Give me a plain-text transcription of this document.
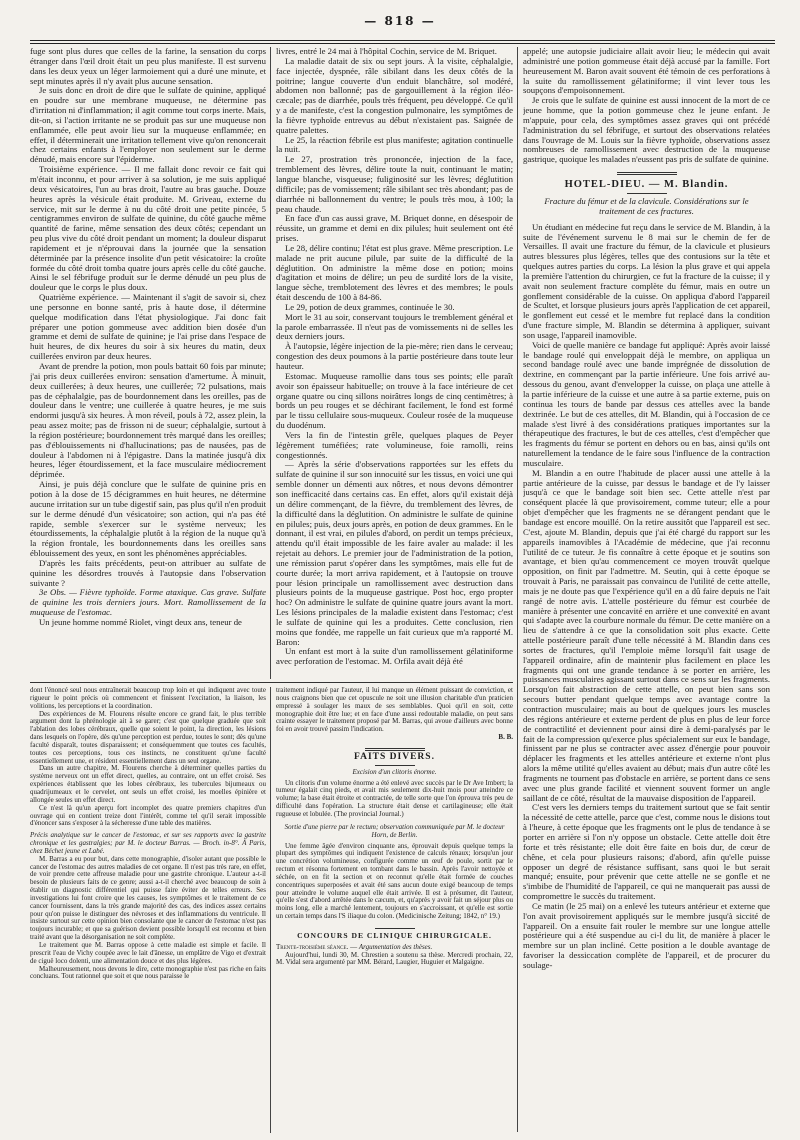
— 818 —

fuge sont plus dures que celles de la farine, la sensation du corps étranger dans l'œil droit était un peu plus manifeste. Il est survenu dans les deux yeux un léger larmoiement qui a duré une minute, et sept minutes après il n'y avait plus aucune sensation.

Je suis donc en droit de dire que le sulfate de quinine, appliqué en poudre sur une membrane muqueuse, ne détermine pas d'irritation ni d'inflammation; il agit comme tout corps inerte. Mais, dit-on, si l'action irritante ne se produit pas sur une muqueuse non enflammée, elle peut avoir lieu sur la muqueuse enflammée; en effet, il déterminerait une irritation tellement vive qu'on renoncerait chez certains enfants à l'employer non seulement sur le derme dénudé, mais encore sur l'épiderme.

Troisième expérience. — Il me fallait donc revoir ce fait qui m'était inconnu, et pour arriver à sa solution, je me suis appliqué deux vésicatoires, l'un au bras droit, l'autre au bras gauche. Douze heures après la vésicule était produite. M. Griveau, externe du service, mit sur le derme à nu du côté droit une petite pincée, 5 centigrammes environ de sulfate de quinine, du côté gauche même quantité de farine, même sensation des deux côtés; cependant un peu plus vive du côté droit pendant un moment; la douleur disparut rapidement et je n'éprouvai dans la journée que la sensation déterminée par la présence insolite d'un petit vésicatoire: la croûte formée du côté droit tomba quatre jours après celle du côté gauche. Ainsi le sel fébrifuge produit sur le derme dénudé un peu plus de douleur que le corps le plus doux.

Quatrième expérience. — Maintenant il s'agit de savoir si, chez une personne en bonne santé, pris à haute dose, il détermine quelque modification dans l'état physiologique. J'ai donc fait préparer une potion gommeuse avec addition bien dosée d'un gramme et demi de sulfate de quinine; je l'ai prise dans l'espace de huit heures, de dix heures du soir à six heures du matin, deux cuillerées environ par deux heures.

Avant de prendre la potion, mon pouls battait 60 fois par minute; j'ai pris deux cuillerées environ: sensation d'amertume. À minuit, deux cuillerées; à deux heures, une cuillerée; 72 pulsations, mais pas de céphalalgie, pas de bourdonnement dans les oreilles, pas de douleur dans le ventre; une cuillerée à quatre heures, je me suis endormi jusqu'à six heures. À mon réveil, pouls à 72, assez plein, la peau assez moite; pas de frisson ni de sueur; céphalalgie, surtout à la région postérieure; bourdonnement très marqué dans les oreilles; pas d'éblouissements ni d'hallucinations; pas de nausées, pas de douleur à l'abdomen ni à l'épigastre. Dans la matinée jusqu'à dix heures, léger étourdissement, et la face musculaire médiocrement déprimée.

Ainsi, je puis déjà conclure que le sulfate de quinine pris en potion à la dose de 15 décigrammes en huit heures, ne détermine aucune irritation sur un tube digestif sain, pas plus qu'il n'en produit sur le derme dénudé d'un vésicatoire; son action, qui n'a pas été rapide, semble s'exercer sur le système nerveux; les étourdissements, la céphalalgie plutôt à la région de la nuque qu'à la région frontale, les bourdonnements dans les oreilles sans éblouissement des yeux, en sont les phénomènes appréciables.

D'après les faits précédents, peut-on attribuer au sulfate de quinine les désordres trouvés à l'autopsie dans l'observation suivante ?

3e Obs. — Fièvre typhoïde. Forme ataxique. Cas grave. Sulfate de quinine les trois derniers jours. Mort. Ramollissement de la muqueuse de l'estomac.

Un jeune homme nommé Riolet, vingt deux ans, teneur de

livres, entré le 24 mai à l'hôpital Cochin, service de M. Briquet.

La maladie datait de six ou sept jours. À la visite, céphalalgie, face injectée, dyspnée, râle sibilant dans les deux côtés de la poitrine; langue couverte d'un enduit blanchâtre, sol modéré, abdomen non ballonné; pas de gargouillement à la région iléo-cæcale; pas de diarrhée, pouls très fréquent, peu développé. Ce qu'il y a de manifeste, c'est la congestion pulmonaire, les symptômes de la fièvre typhoïde entrevus au début n'existaient pas. Saignée de quatre palettes.

Le 25, la réaction fébrile est plus manifeste; agitation continuelle la nuit.

Le 27, prostration très prononcée, injection de la face, tremblement des lèvres, délire toute la nuit, continuant le matin; langue blanche, visqueuse; fuliginosité sur les lèvres; déglutition difficile; pas de vomissement; râle sibilant sec très abondant; pas de diarrhée ni ballonnement du ventre; le pouls très mou, à 100; la peau chaude.

En face d'un cas aussi grave, M. Briquet donne, en désespoir de réussite, un gramme et demi en dix pilules; huit seulement ont été prises.

Le 28, délire continu; l'état est plus grave. Même prescription. Le malade ne prit aucune pilule, par suite de la difficulté de la déglutition. On administre la même dose en potion; moins d'agitation et moins de délire; un peu de surdité lors de la visite, langue sèche, tremblotement des lèvres et des membres; le pouls était descendu de 100 à 84-86.

Le 29, potion de deux grammes, continuée le 30.

Mort le 31 au soir, conservant toujours le tremblement général et la parole embarrassée. Il n'eut pas de vomissements ni de selles les deux derniers jours.

À l'autopsie, légère injection de la pie-mère; rien dans le cerveau; congestion des deux poumons à la partie postérieure dans toute leur hauteur.

Estomac. Muqueuse ramollie dans tous ses points; elle paraît avoir son épaisseur habituelle; on trouve à la face intérieure de cet organe quatre ou cinq sillons noirâtres longs de cinq centimètres; à bords un peu rouges et se déchirant facilement, le fond est formé par le tissu cellulaire sous-muqueux. Couleur rosée de la muqueuse du duodénum.

Vers la fin de l'intestin grêle, quelques plaques de Peyer légèrement tuméfiées; rate volumineuse, foie ramolli, reins congestionnés.

— Après la série d'observations rapportées sur les effets du sulfate de quinine il sur son innocuité sur les tissus, en voici une qui semble donner un démenti aux nôtres, et nous devons démontrer son inefficacité dans certains cas. En effet, alors qu'il existait déjà un délire commençant, de la fièvre, du tremblement des lèvres, de la difficulté dans la déglutition. On administre le sulfate de quinine en pilules; puis, deux jours après, en potion de deux grammes. En le donnant, il est vrai, en pilules d'abord, on perdit un temps précieux, attendu qu'il était impossible de les faire avaler au malade: il les rejetait au dehors. Le premier jour de l'administration de la potion, une rémission parut s'opérer dans les symptômes, mais elle fut de courte durée; la mort arriva rapidement, et à l'autopsie on trouve pour lésion principale un ramollissement avec destruction dans plusieurs points de la muqueuse gastrique. Post hoc, ergo propter hoc? On administre le sulfate de quinine quatre jours avant la mort. Les lésions principales de la maladie existent dans l'estomac; c'est le sulfate de quinine qui les a produites. Cette conclusion, rien moins que fondée, me rappelle un fait curieux que m'a rapporté M. Baron:

Un enfant est mort à la suite d'un ramollissement gélatiniforme avec perforation de l'estomac. M. Orfila avait déjà été

dont l'énoncé seul nous entraînerait beaucoup trop loin et qui indiquent avec toute rigueur le point précis où commencent et finissent l'excitation, la liaison, les volitions, les perceptions et la coordination.

Des expériences de M. Flourens résulte encore ce grand fait, le plus terrible argument dont la phrénologie ait à se garer; c'est que quelque graduée que soit l'ablation des lobes cérébraux, quelle que soient le point, la direction, les lésions dans lesquels on l'opère, dès qu'une perception est perdue, toutes le sont; dès qu'une faculté disparaît, toutes disparaissent; et conséquemment que toutes ces facultés, toutes ces perceptions, tous ces instincts, ne constituent qu'une faculté essentiellement une, et résident essentiellement dans un seul organe.

Dans un autre chapitre, M. Flourens cherche à déterminer quelles parties du système nerveux ont un effet direct, quelles, au contraire, ont un effet croisé. Ses expériences établissent que les lobes cérébraux, les tubercules bijumeaux ou quadrijumeaux et le cervelet, ont seuls un effet croisé, les moelles épinière et allongée seules un effet direct.

Ce n'est là qu'un aperçu fort incomplet des quatre premiers chapitres d'un ouvrage qui en contient treize dont l'intérêt, comme tel qu'il serait impossible d'énoncer sans s'exposer à la sécheresse d'une table des matières.

Précis analytique sur le cancer de l'estomac, et sur ses rapports avec la gastrite chronique et les gastralgies; par M. le docteur Barras. — Broch. in-8°. À Paris, chez Béchet jeune et Labé.

M. Barras a eu pour but, dans cette monographie, d'isoler autant que possible le cancer de l'estomac des autres maladies de cet organe. Il n'est pas très rare, en effet, de voir prendre cette affreuse maladie pour une gastrite chronique. L'auteur a-t-il besoin de plusieurs faits de ce genre; aussi a-t-il cherché avec beaucoup de soin à établir un diagnostic différentiel qui puisse faire éviter de telles erreurs. Ses investigations lui font croire que les causes, les symptômes et le traitement de ce cancer fournissent, dans la très grande majorité des cas, des indices assez certains pour qu'on puisse le distinguer des névroses et des inflammations du ventricule. Il insiste surtout sur cette opinion bien consolante que le cancer de l'estomac n'est pas toujours incurable; et que sa guérison devient possible lorsqu'il est reconnu et bien traité avant que la désorganisation ne soit complète.

Le traitement que M. Barras oppose à cette maladie est simple et facile. Il prescrit l'eau de Vichy coupée avec le lait d'ânesse, un emplâtre de Vigo et d'extrait de ciguë loco dolenti, une alimentation douce et des plus légères.

Malheureusement, nous devons le dire, cette monographie n'est pas riche en faits concluans. Tout rationnel que soit et que nous paraisse le

traitement indiqué par l'auteur, il lui manque un élément puissant de conviction, et nous craignons bien que cet opuscule ne soit une illusion charitable d'un praticien empressé à soulager les maux de ses semblables. Quoi qu'il en soit, cette monographie doit être lue; et en face d'une aussi redoutable maladie, on peut sans crainte essayer le traitement proposé par M. Barras, qui avoue d'ailleurs avec bonne foi en avoir trouvé passim l'indication.

B. B.
FAITS DIVERS.
Excision d'un clitoris énorme.

Un clitoris d'un volume énorme a été enlevé avec succès par le Dr Ave Imbert; la tumeur égalait cinq pieds, et avait mis seulement dix-huit mois pour atteindre ce volume; la base était étroite et contractée, de telle sorte que l'on éprouva très peu de difficulté dans l'opération. La structure était dense et cartilagineuse; elle était rugueuse et lobulée. (The provincial Journal.)

Sortie d'une pierre par le rectum; observation communiquée par M. le docteur Horn, de Berlin.

Une femme âgée d'environ cinquante ans, éprouvait depuis quelque temps la plupart des symptômes qui indiquent l'existence de calculs rénaux; lorsqu'un jour une concrétion volumineuse, configurée comme un œuf de poule, sortit par le rectum et résonna fortement en tombant dans le bassin. Après l'avoir nettoyée et séchée, on en fit la section et on reconnut qu'elle était formée de couches concentriques superposées et avait été sans aucun doute exigé beaucoup de temps pour atteindre le volume auquel elle était arrivée. Il est à présumer, dit l'auteur, qu'elle s'est d'abord arrêtée dans le cæcum, et, qu'après y avoir fait un séjour plus ou moins long, elle a marché lentement, toujours en s'accroissant, et qu'elle est sortie un certain temps dans l'S iliaque du colon. (Medicinische Zeitung; 1842, n° 19.)

CONCOURS DE CLINIQUE CHIRURGICALE.

Trente-troisième séance. — Argumentation des thèses.

Aujourd'hui, lundi 30, M. Chrestien a soutenu sa thèse. Mercredi prochain, 22, M. Vidal sera argumenté par MM. Bérard, Laugier, Huguier et Malgaigne.

appelé; une autopsie judiciaire allait avoir lieu; le médecin qui avait administré une potion gommeuse était déjà accusé par la famille. Fort heureusement M. Baron avait souvent été témoin de ces perforations à la suite du ramollissement gélatiniforme; il vint lever tous les soupçons d'empoisonnement.

Je crois que le sulfate de quinine est aussi innocent de la mort de ce jeune homme, que la potion gommeuse chez le jeune enfant. Je m'appuie, pour cela, des symptômes assez graves qui ont précédé l'administration du sel fébrifuge, et surtout des observations relatées dans l'ouvrage de M. Louis sur la fièvre typhoïde, observations assez nombreuses de ramollissement avec destruction de la muqueuse gastrique, quoique les malades n'eussent pas pris de sulfate de quinine.

HOTEL-DIEU. — M. Blandin.
Fracture du fémur et de la clavicule. Considérations sur le traitement de ces fractures.

Un étudiant en médecine fut reçu dans le service de M. Blandin, à la suite de l'événement survenu le 8 mai sur le chemin de fer de Versailles. Il avait une fracture du fémur, de la clavicule et plusieurs autres blessures plus légères, telles que des contusions sur la tête et quelques autres parties du corps. La lésion la plus grave et qui appela la première l'attention du chirurgien, ce fut la fracture de la cuisse; il y avait non seulement fracture complète du fémur, mais en outre un gonflement considérable de la cuisse. On appliqua d'abord l'appareil de Scultet, et lorsque plusieurs jours après l'application de cet appareil, le gonflement eut cessé et le membre fut replacé dans la condition d'une fracture simple, M. Blandin se détermina à appliquer, suivant son usage, l'appareil inamovible.

Voici de quelle manière ce bandage fut appliqué: Après avoir laissé le bandage roulé qui enveloppait déjà le membre, on appliqua un second bandage roulé avec une bande imprégnée de dissolution de dextrine, en commençant par la partie inférieure. Une fois arrivé au-dessous du genou, avant d'envelopper la cuisse, on plaça une attelle à la partie inférieure de la cuisse et une autre à sa partie externe, puis on continua les tours de bande par dessus ces attelles avec la bande dextrinée. Le but de ces attelles, dit M. Blandin, qui à l'occasion de ce malade s'est livré à des considérations pratiques importantes sur la thérapeutique des fractures, le but de ces attelles, c'est d'empêcher que les fragments du fémur se portent en dehors ou en bas, ainsi qu'ils ont naturellement la tendance de le faire sous l'influence de la contraction musculaire.

M. Blandin a en outre l'habitude de placer aussi une attelle à la partie antérieure de la cuisse, par dessus le bandage et de l'y laisser jusqu'à ce que le bandage soit bien sec. Cette attelle n'est par conséquent placée là que provisoirement, comme tuteur; elle a pour objet d'empêcher que les fragments ne se dérangent pendant que le bandage est encore mouillé. On la retire aussitôt que l'appareil est sec. C'est, ajoute M. Blandin, depuis que j'ai été chargé du rapport sur les appareils inamovibles à l'Académie de médecine, que j'ai reconnu l'utilité de ce tuteur. Je fis connaître à cette époque et je soutins son avantage, et bien qu'au commencement ce moyen trouvât quelque opposition, on finit par l'admettre. M. Seutin, qui à cette époque se trouvait à Paris, ne paraissait pas convaincu de l'utilité de cette attelle, mais je ne doute pas que l'expérience qu'il en a dû faire depuis ne l'ait rangé de notre avis. L'attelle postérieure du fémur est courbée de manière à présenter une concavité en arrière et une convexité en avant qui s'adapte avec la courbure normale du fémur. De cette manière on a lieu de s'attendre à ce que la consolidation soit plus exacte. Cette attelle postérieure paraît d'une telle nécessité à M. Blandin dans ces sortes de fractures, qu'il l'emploie même lorsqu'il fait usage de l'appareil ordinaire, afin de maintenir plus facilement en place les fragments qui ont une grande tendance à se porter en arrière, les puissances musculaires agissant surtout dans ce sens sur les fragments. Lorsqu'on fait abstraction de cette attelle, on peut bien sans son secours butter pendant quelque temps avec avantage contre la contraction musculaire; mais au bout de quelques jours les muscles des régions antérieure et externe perdent de plus en plus de leur force de contractilité et deviennent pour ainsi dire à demi-paralysés par le fait de la compression qu'exerce plus spécialement sur eux le bandage, finissent par ne plus se contracter avec assez d'énergie pour pouvoir déplacer les fragments et les attelles antérieure et externe n'ont plus alors la même utilité qu'elles avaient au début; mais d'un autre côté les fragments ne tournent pas d'obstacle en arrière, se portent dans ce sens avec une plus grande facilité et viennent souvent former un angle saillant de ce côté, résultat de la mauvaise disposition de l'appareil.

C'est vers les derniers temps du traitement surtout que se fait sentir la nécessité de cette attelle, parce que c'est, comme nous le disions tout à l'heure, à cette époque que les fragments ont le plus de tendance à se porter en arrière si l'on n'y oppose un obstacle. Cette attelle doit être forte et très résistante; elle doit être faite en bois dur, de cœur de chêne, et cela pour plusieurs raisons; d'abord, afin qu'elle puisse opposer un degré de résistance suffisant, sans quoi le but serait manqué; ensuite, pour prévenir que cette attelle ne se gonfle et ne s'imbibe de l'humidité de l'appareil, ce qui ne manquerait pas aussi de compromettre le succès du traitement.

Ce matin (le 25 mai) on a enlevé les tuteurs antérieur et externe que l'on avait provisoirement appliqués sur le membre jusqu'à siccité de l'appareil. On a ensuite fait rouler le membre sur une longue attelle postérieure qui a été suspendue au ci-l du lit, de manière à placer le membre sur un plan incliné. Cette position a le double avantage de favoriser la dessiccation complète de l'appareil, et de procurer du soulage-
